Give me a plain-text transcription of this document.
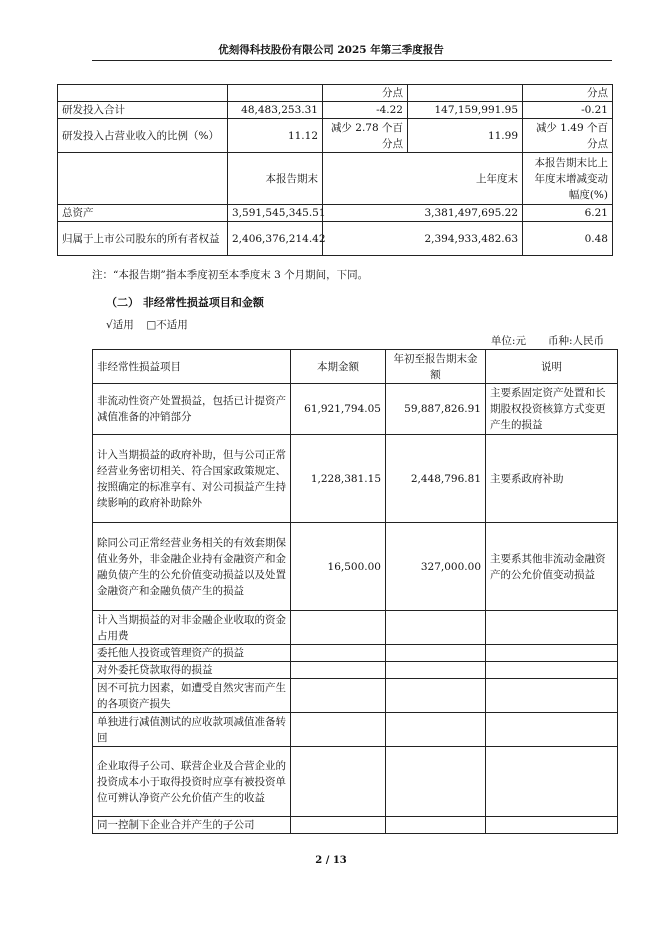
优刻得科技股份有限公司 2025 年第三季度报告
		分点		分点
研发投入合计	48,483,253.31	-4.22	147,159,991.95	-0.21
研发投入占营业收入的比例（%）	11.12	减少 2.78 个百分点	11.99	减少 1.49 个百分点
	本报告期末	上年度末		本报告期末比上年度末增减变动幅度(%)
总资产	3,591,545,345.51	3,381,497,695.22		6.21
归属于上市公司股东的所有者权益	2,406,376,214.42	2,394,933,482.63		0.48
注：“本报告期”指本季度初至本季度末 3 个月期间，下同。
（二） 非经常性损益项目和金额
√适用 □不适用
单位:元 币种:人民币
非经常性损益项目	本期金额	年初至报告期末金额	说明
非流动性资产处置损益，包括已计提资产减值准备的冲销部分	61,921,794.05	59,887,826.91	主要系固定资产处置和长期股权投资核算方式变更产生的损益
计入当期损益的政府补助，但与公司正常经营业务密切相关、符合国家政策规定、按照确定的标准享有、对公司损益产生持续影响的政府补助除外	1,228,381.15	2,448,796.81	主要系政府补助
除同公司正常经营业务相关的有效套期保值业务外，非金融企业持有金融资产和金融负债产生的公允价值变动损益以及处置金融资产和金融负债产生的损益	16,500.00	327,000.00	主要系其他非流动金融资产的公允价值变动损益
计入当期损益的对非金融企业收取的资金占用费			
委托他人投资或管理资产的损益			
对外委托贷款取得的损益			
因不可抗力因素，如遭受自然灾害而产生的各项资产损失			
单独进行减值测试的应收款项减值准备转回			
企业取得子公司、联营企业及合营企业的投资成本小于取得投资时应享有被投资单位可辨认净资产公允价值产生的收益			
同一控制下企业合并产生的子公司			
2 / 13
